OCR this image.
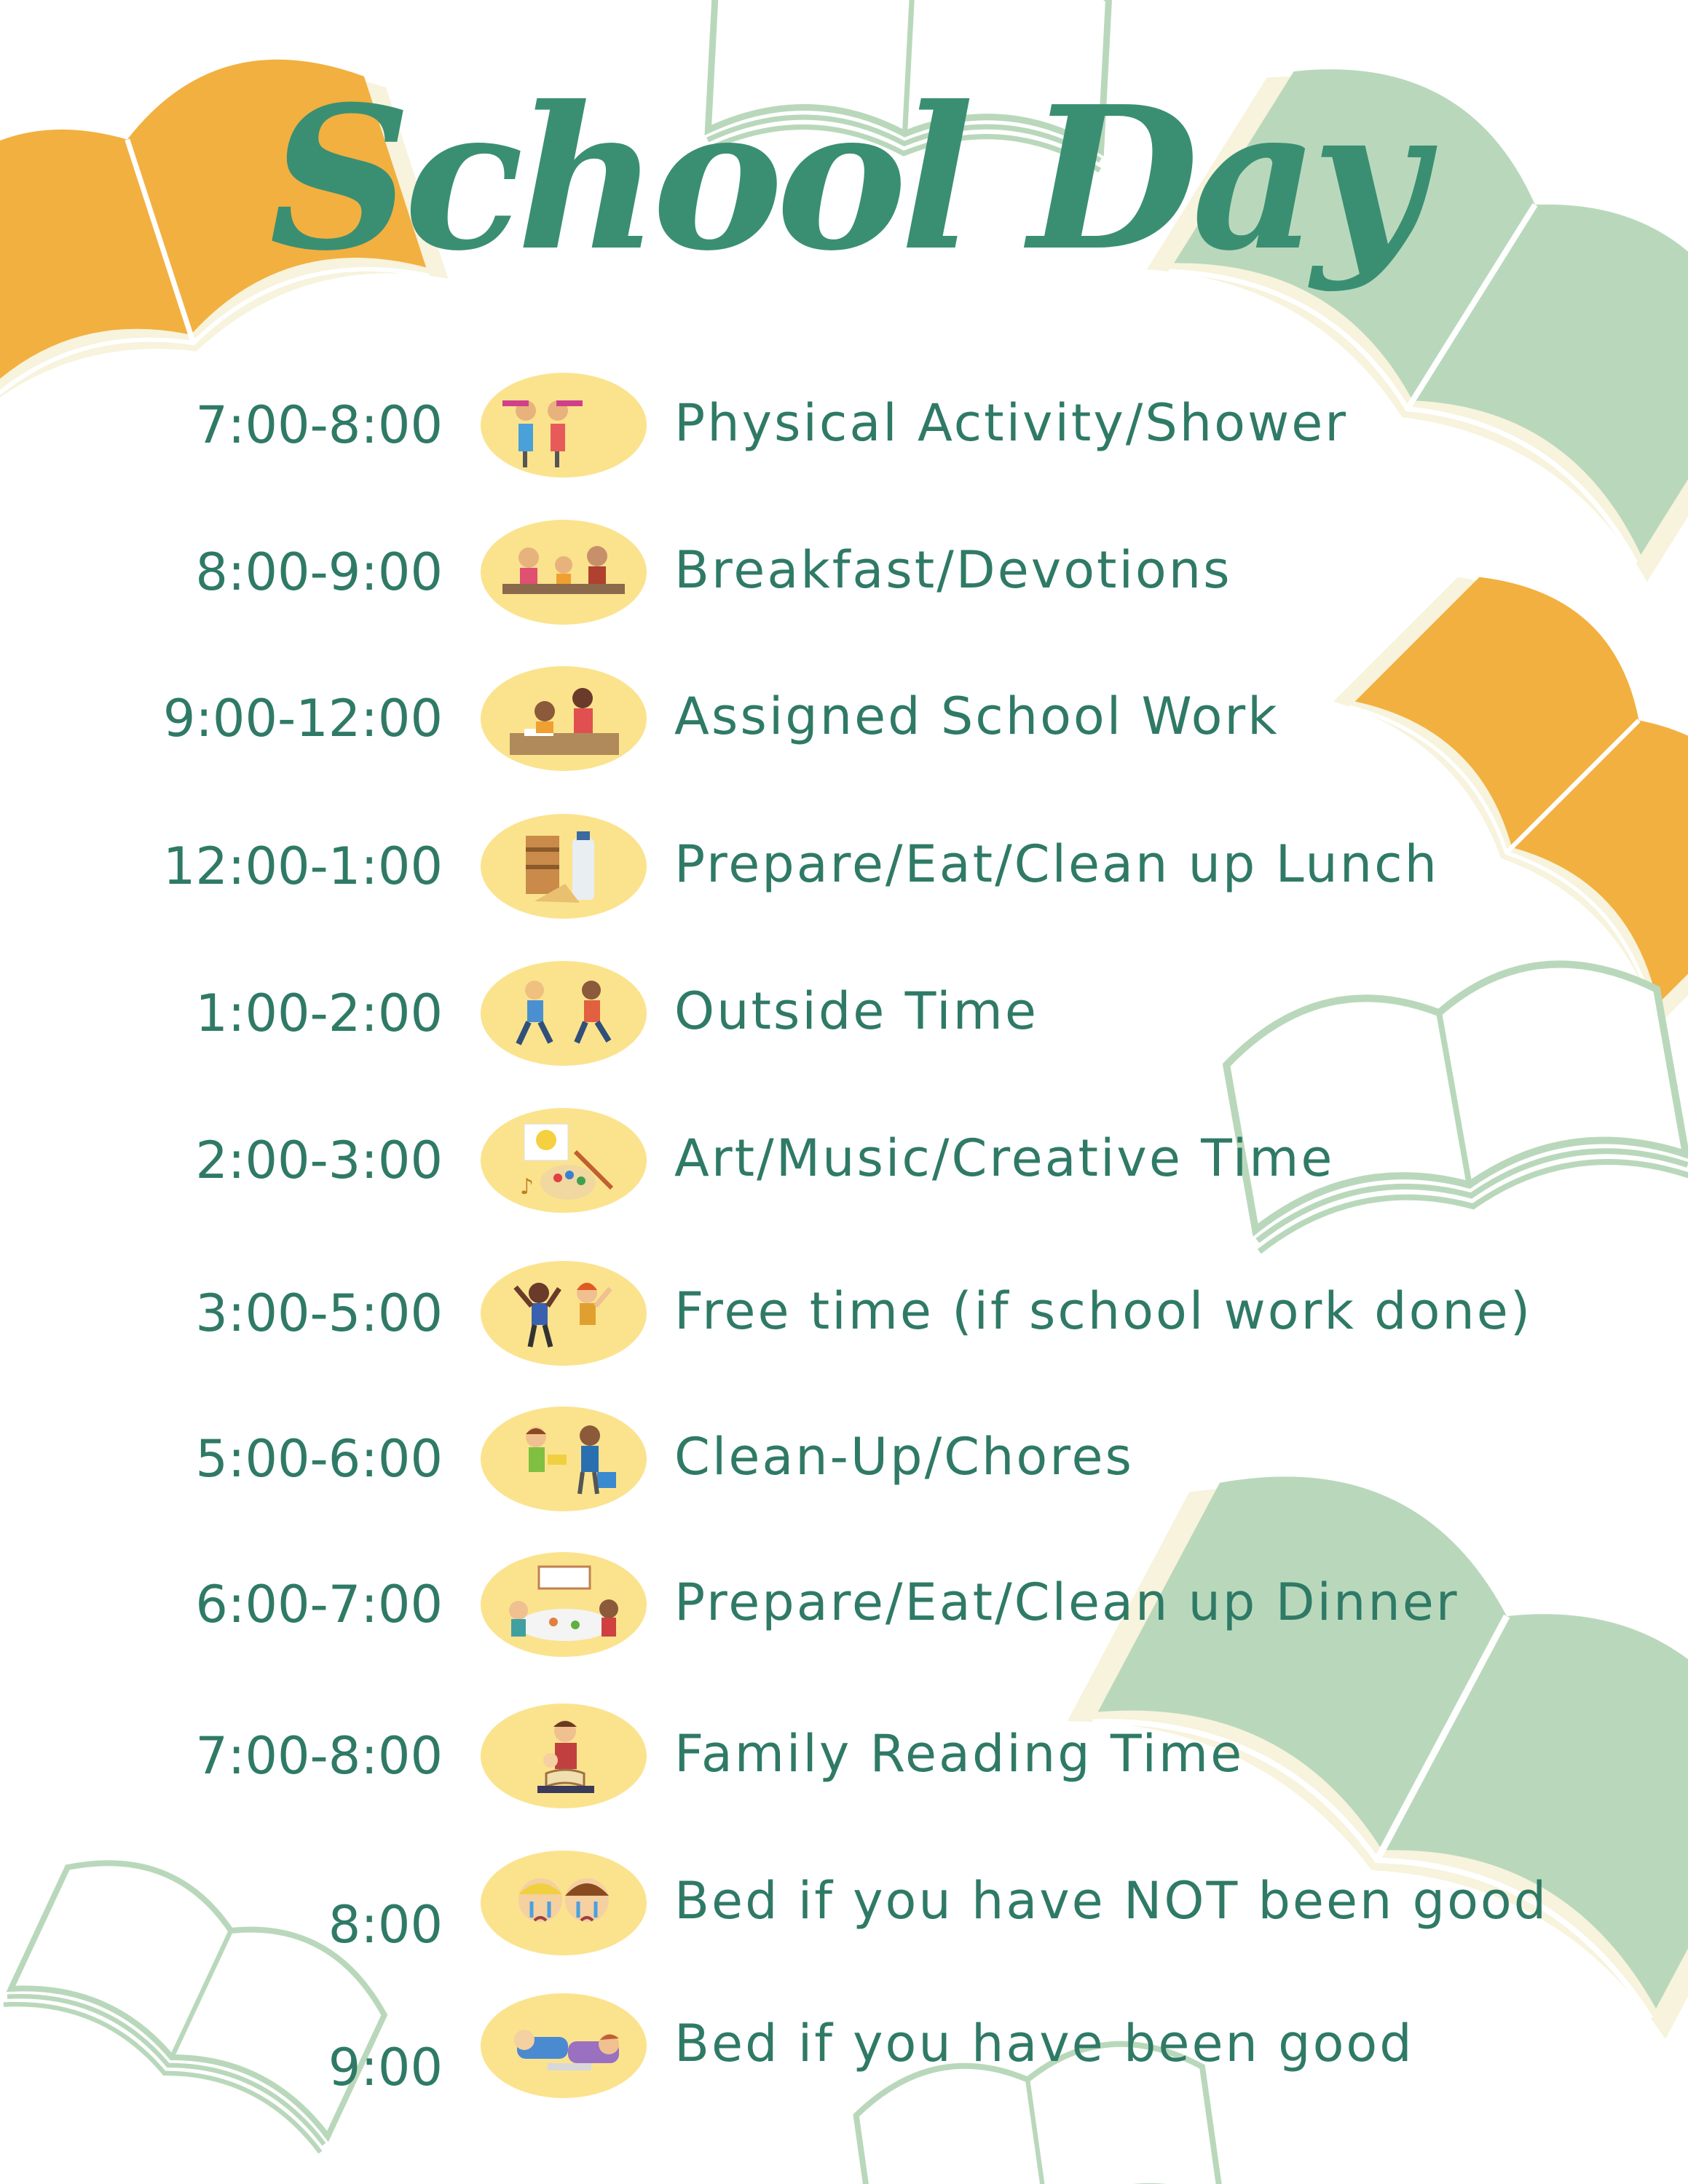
School Day
7:00-8:00	Physical Activity/Shower
8:00-9:00	Breakfast/Devotions
9:00-12:00	Assigned School Work
12:00-1:00	Prepare/Eat/Clean up Lunch
1:00-2:00	Outside Time
2:00-3:00	♪	Art/Music/Creative Time
3:00-5:00	Free time (if school work done)
5:00-6:00	Clean-Up/Chores
6:00-7:00	Prepare/Eat/Clean up Dinner
7:00-8:00	Family Reading Time
8:00	Bed if you have NOT been good
9:00	Bed if you have been good
